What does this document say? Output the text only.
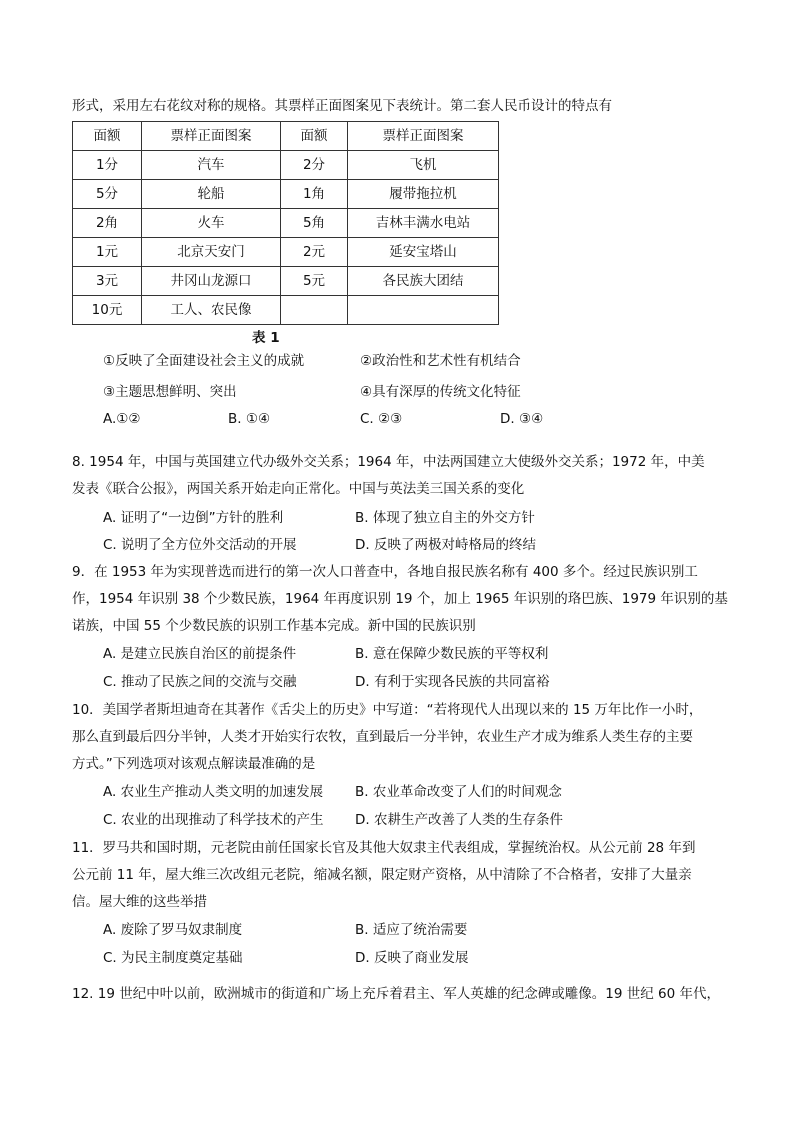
形式，采用左右花纹对称的规格。其票样正面图案见下表统计。第二套人民币设计的特点有
面额	票样正面图案	面额	票样正面图案
1分	汽车	2分	飞机
5分	轮船	1角	履带拖拉机
2角	火车	5角	吉林丰满水电站
1元	北京天安门	2元	延安宝塔山
3元	井冈山龙源口	5元	各民族大团结
10元	工人、农民像		
表 1
①反映了全面建设社会主义的成就	②政治性和艺术性有机结合
③主题思想鲜明、突出	④具有深厚的传统文化特征
A.①②	B. ①④	C. ②③	D. ③④
8. 1954 年，中国与英国建立代办级外交关系；1964 年，中法两国建立大使级外交关系；1972 年，中美
发表《联合公报》，两国关系开始走向正常化。中国与英法美三国关系的变化
A. 证明了“一边倒”方针的胜利	B. 体现了独立自主的外交方针
C. 说明了全方位外交活动的开展	D. 反映了两极对峙格局的终结
9．在 1953 年为实现普选而进行的第一次人口普查中，各地自报民族名称有 400 多个。经过民族识别工
作，1954 年识别 38 个少数民族，1964 年再度识别 19 个，加上 1965 年识别的珞巴族、1979 年识别的基
诺族，中国 55 个少数民族的识别工作基本完成。新中国的民族识别
A. 是建立民族自治区的前提条件	B. 意在保障少数民族的平等权利
C. 推动了民族之间的交流与交融	D. 有利于实现各民族的共同富裕
10．美国学者斯坦迪奇在其著作《舌尖上的历史》中写道：“若将现代人出现以来的 15 万年比作一小时，
那么直到最后四分半钟，人类才开始实行农牧，直到最后一分半钟，农业生产才成为维系人类生存的主要
方式。”下列选项对该观点解读最准确的是
A. 农业生产推动人类文明的加速发展 B. 农业革命改变了人们的时间观念
C. 农业的出现推动了科学技术的产生 D. 农耕生产改善了人类的生存条件
11．罗马共和国时期，元老院由前任国家长官及其他大奴隶主代表组成，掌握统治权。从公元前 28 年到
公元前 11 年，屋大维三次改组元老院，缩减名额，限定财产资格，从中清除了不合格者，安排了大量亲
信。屋大维的这些举措
A. 废除了罗马奴隶制度	B. 适应了统治需要
C. 为民主制度奠定基础	D. 反映了商业发展
12. 19 世纪中叶以前，欧洲城市的街道和广场上充斥着君主、军人英雄的纪念碑或雕像。19 世纪 60 年代，
